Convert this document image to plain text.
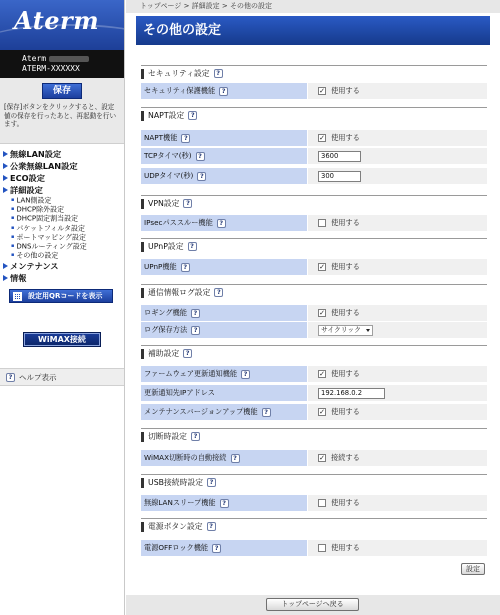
Aterm
Aterm
ATERM-XXXXXX
保存
[保存]ボタンをクリックすると、設定値の保存を行ったあと、再起動を行います。
無線LAN設定
公衆無線LAN設定
ECO設定
詳細設定
▪ LAN側設定
▪ DHCP除外設定
▪ DHCP固定割当設定
▪ パケットフィルタ設定
▪ ポートマッピング設定
▪ DNSルーティング設定
▪ その他の設定
メンテナンス
情報
設定用QRコードを表示
WiMAX接続
? ヘルプ表示
トップページ > 詳細設定 > その他の設定
その他の設定
セキュリティ設定	?
セキュリティ保護機能	?	✓ 使用する
NAPT設定	?
NAPT機能	?	✓ 使用する
TCPタイマ(秒)	?	3600
UDPタイマ(秒)	?	300
VPN設定	?
IPsecパススルー機能	?	使用する
UPnP設定	?
UPnP機能	?	✓ 使用する
通信情報ログ設定	?
ロギング機能	?	✓ 使用する
ログ保存方法	?	サイクリック
補助設定	?
ファームウェア更新通知機能	?	✓ 使用する
更新通知先IPアドレス	192.168.0.2
メンテナンスバージョンアップ機能	?	✓ 使用する
切断時設定	?
WiMAX切断時の自動接続	?	✓ 接続する
USB接続時設定	?
無線LANスリープ機能	?	使用する
電源ボタン設定	?
電源OFFロック機能	?	使用する
設定
トップページへ戻る
